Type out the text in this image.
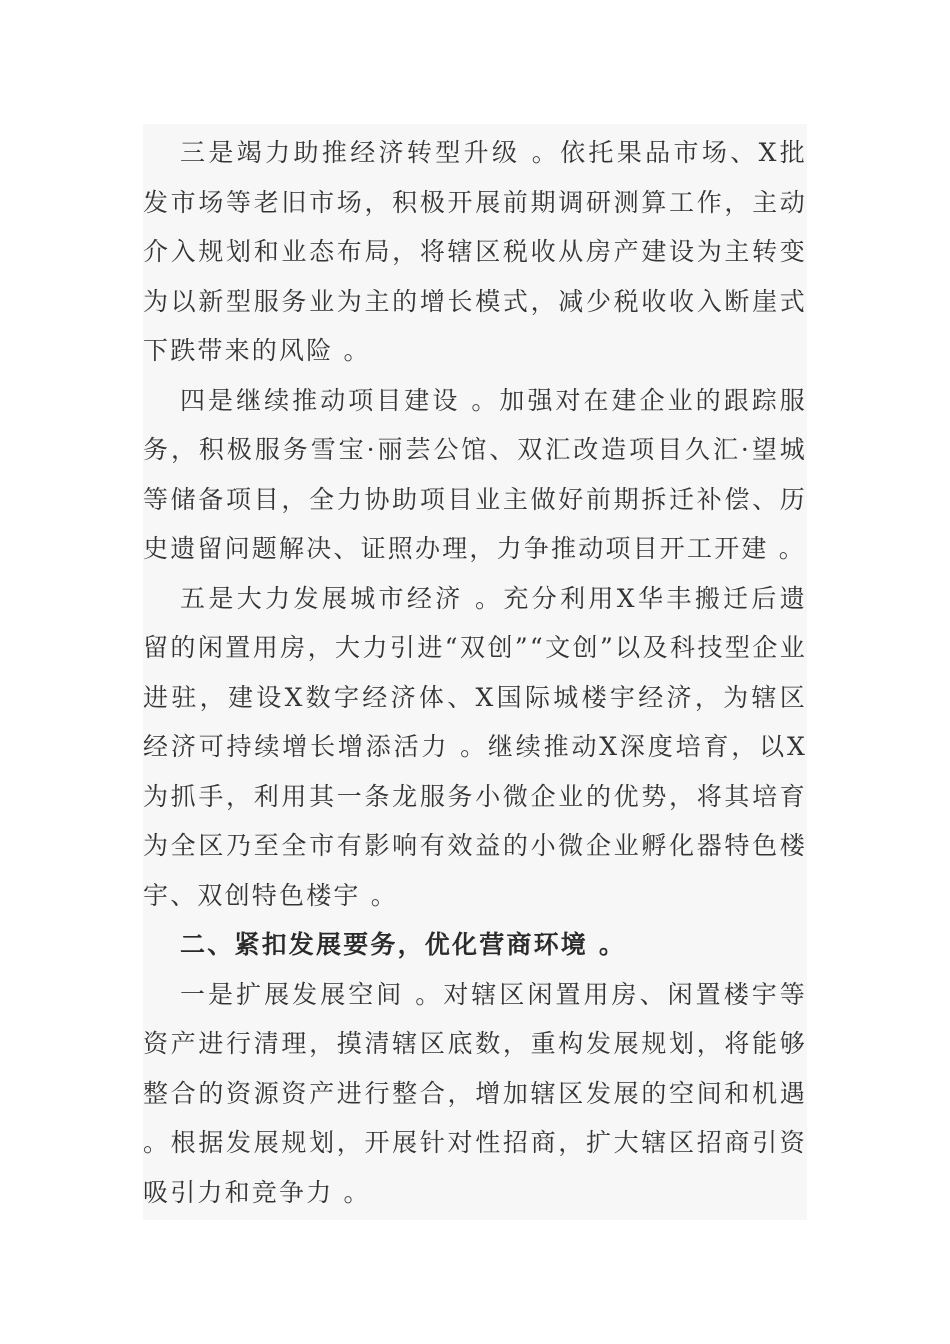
三是竭力助推经济转型升级 。依托果品市场、X批发市场等老旧市场，积极开展前期调研测算工作，主动介入规划和业态布局，将辖区税收从房产建设为主转变为以新型服务业为主的增长模式，减少税收收入断崖式下跌带来的风险 。

四是继续推动项目建设 。加强对在建企业的跟踪服务，积极服务雪宝·丽芸公馆、双汇改造项目久汇·望城等储备项目，全力协助项目业主做好前期拆迁补偿、历史遗留问题解决、证照办理，力争推动项目开工开建 。

五是大力发展城市经济 。充分利用X华丰搬迁后遗留的闲置用房，大力引进“双创”“文创”以及科技型企业进驻，建设X数字经济体、X国际城楼宇经济，为辖区经济可持续增长增添活力 。继续推动X深度培育，以X为抓手，利用其一条龙服务小微企业的优势，将其培育为全区乃至全市有影响有效益的小微企业孵化器特色楼宇、双创特色楼宇 。

二、紧扣发展要务，优化营商环境 。

一是扩展发展空间 。对辖区闲置用房、闲置楼宇等资产进行清理，摸清辖区底数，重构发展规划，将能够整合的资源资产进行整合，增加辖区发展的空间和机遇 。根据发展规划，开展针对性招商，扩大辖区招商引资吸引力和竞争力 。
